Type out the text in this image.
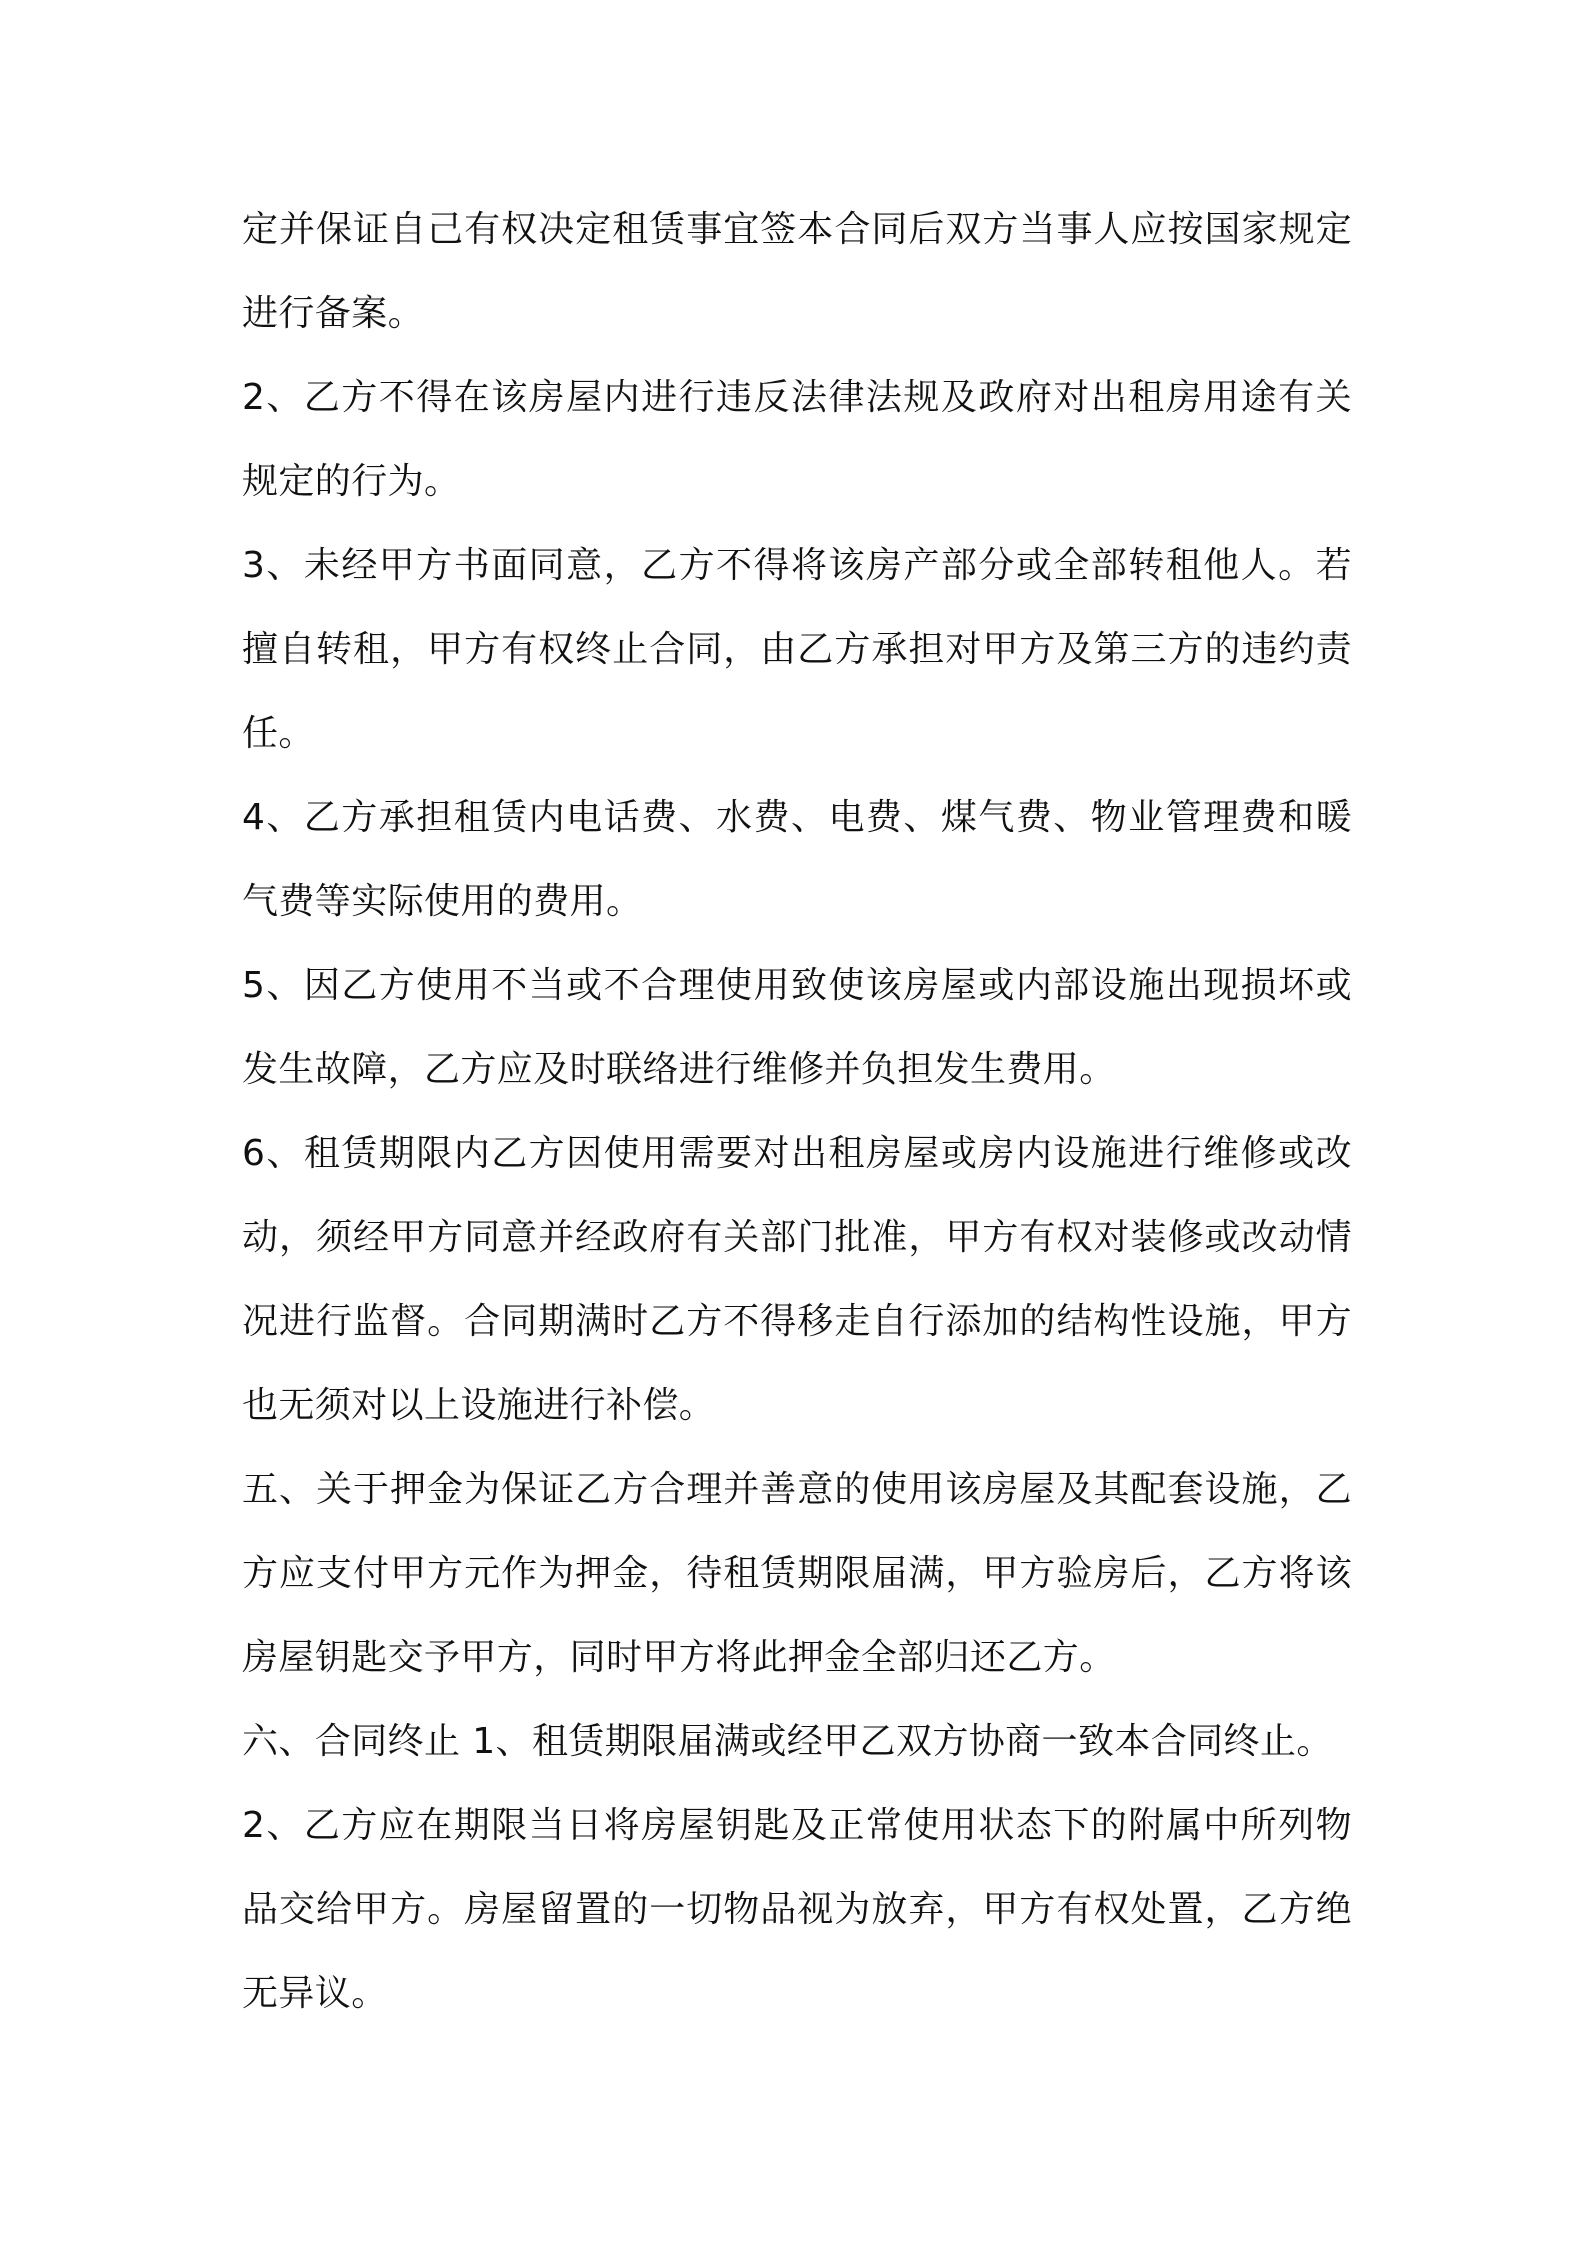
定并保证自己有权决定租赁事宜签本合同后双方当事人应按国家规定进行备案。

2、乙方不得在该房屋内进行违反法律法规及政府对出租房用途有关规定的行为。

3、未经甲方书面同意，乙方不得将该房产部分或全部转租他人。若擅自转租，甲方有权终止合同，由乙方承担对甲方及第三方的违约责任。

4、乙方承担租赁内电话费、水费、电费、煤气费、物业管理费和暖气费等实际使用的费用。

5、因乙方使用不当或不合理使用致使该房屋或内部设施出现损坏或发生故障，乙方应及时联络进行维修并负担发生费用。

6、租赁期限内乙方因使用需要对出租房屋或房内设施进行维修或改动，须经甲方同意并经政府有关部门批准，甲方有权对装修或改动情况进行监督。合同期满时乙方不得移走自行添加的结构性设施，甲方也无须对以上设施进行补偿。

五、关于押金为保证乙方合理并善意的使用该房屋及其配套设施，乙方应支付甲方元作为押金，待租赁期限届满，甲方验房后，乙方将该房屋钥匙交予甲方，同时甲方将此押金全部归还乙方。

六、合同终止 1、租赁期限届满或经甲乙双方协商一致本合同终止。

2、乙方应在期限当日将房屋钥匙及正常使用状态下的附属中所列物品交给甲方。房屋留置的一切物品视为放弃，甲方有权处置，乙方绝无异议。
